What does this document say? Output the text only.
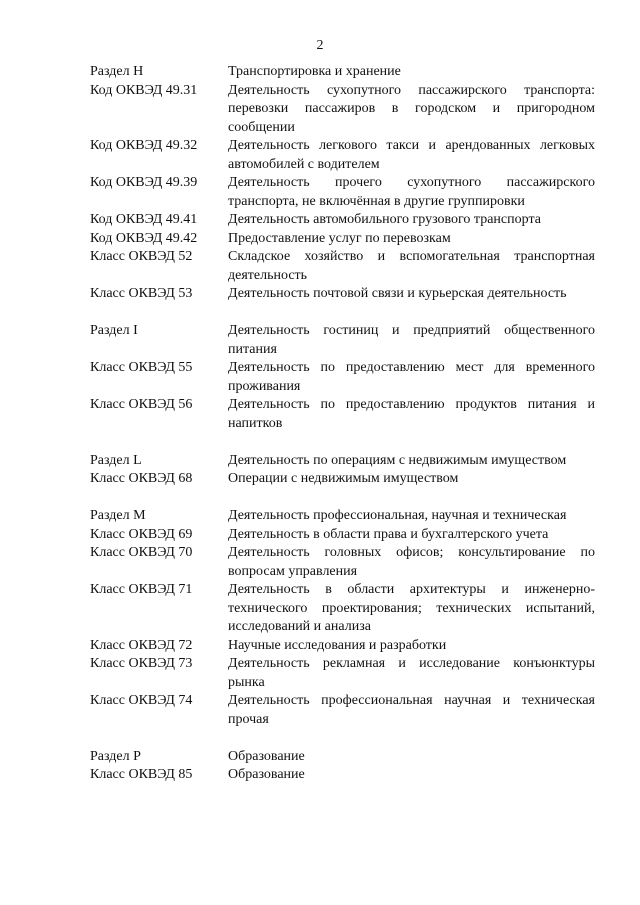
2
Раздел H	Транспортировка и хранение
Код ОКВЭД 49.31	Деятельность сухопутного пассажирского транспорта: перевозки пассажиров в городском и пригородном сообщении
Код ОКВЭД 49.32	Деятельность легкового такси и арендованных легковых автомобилей с водителем
Код ОКВЭД 49.39	Деятельность прочего сухопутного пассажирского транспорта, не включённая в другие группировки
Код ОКВЭД 49.41	Деятельность автомобильного грузового транспорта
Код ОКВЭД 49.42	Предоставление услуг по перевозкам
Класс ОКВЭД 52	Складское хозяйство и вспомогательная транспортная деятельность
Класс ОКВЭД 53	Деятельность почтовой связи и курьерская деятельность
Раздел I	Деятельность гостиниц и предприятий общественного питания
Класс ОКВЭД 55	Деятельность по предоставлению мест для временного проживания
Класс ОКВЭД 56	Деятельность по предоставлению продуктов питания и напитков
Раздел L	Деятельность по операциям с недвижимым имуществом
Класс ОКВЭД 68	Операции с недвижимым имуществом
Раздел M	Деятельность профессиональная, научная и техническая
Класс ОКВЭД 69	Деятельность в области права и бухгалтерского учета
Класс ОКВЭД 70	Деятельность головных офисов; консультирование по вопросам управления
Класс ОКВЭД 71	Деятельность в области архитектуры и инженерно-технического проектирования; технических испытаний, исследований и анализа
Класс ОКВЭД 72	Научные исследования и разработки
Класс ОКВЭД 73	Деятельность рекламная и исследование конъюнктуры рынка
Класс ОКВЭД 74	Деятельность профессиональная научная и техническая прочая
Раздел P	Образование
Класс ОКВЭД 85	Образование
